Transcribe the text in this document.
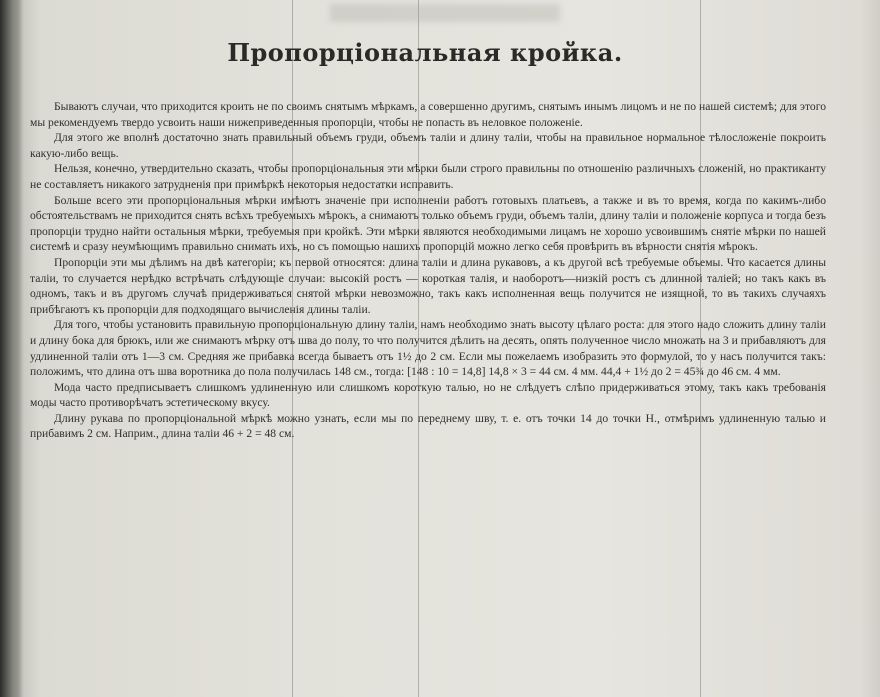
Пропорціональная кройка.

Бываютъ случаи, что приходится кроить не по своимъ снятымъ мѣркамъ, а совершенно другимъ, снятымъ инымъ лицомъ и не по нашей системѣ; для этого мы рекомендуемъ твердо усвоить наши нижеприведенныя пропорціи, чтобы не попасть въ неловкое положеніе.

Для этого же вполнѣ достаточно знать правильный объемъ груди, объемъ таліи и длину таліи, чтобы на правильное нормальное тѣлосложеніе покроить какую-либо вещь.

Нельзя, конечно, утвердительно сказать, чтобы пропорціональныя эти мѣрки были строго правильны по отношенію различныхъ сложеній, но практиканту не составляетъ никакого затрудненія при примѣркѣ некоторыя недостатки исправить.

Больше всего эти пропорціональныя мѣрки имѣютъ значеніе при исполненіи работъ готовыхъ платьевъ, а также и въ то время, когда по какимъ-либо обстоятельствамъ не приходится снять всѣхъ требуемыхъ мѣрокъ, а снимаютъ только объемъ груди, объемъ таліи, длину таліи и положеніе корпуса и тогда безъ пропорціи трудно найти остальныя мѣрки, требуемыя при кройкѣ. Эти мѣрки являются необходимыми лицамъ не хорошо усвоившимъ снятіе мѣрки по нашей системѣ и сразу неумѣющимъ правильно снимать ихъ, но съ помощью нашихъ пропорцій можно легко себя провѣрить въ вѣрности снятія мѣрокъ.

Пропорціи эти мы дѣлимъ на двѣ категоріи; къ первой относятся: длина таліи и длина рукавовъ, а къ другой всѣ требуемые объемы. Что касается длины таліи, то случается нерѣдко встрѣчать слѣдующіе случаи: высокій ростъ — короткая талія, и наоборотъ—низкій ростъ съ длинной таліей; но такъ какъ въ одномъ, такъ и въ другомъ случаѣ придерживаться снятой мѣрки невозможно, такъ какъ исполненная вещь получится не изящной, то въ такихъ случаяхъ прибѣгаютъ къ пропорціи для подходящаго вычисленія длины таліи.

Для того, чтобы установить правильную пропорціональную длину таліи, намъ необходимо знать высоту цѣлаго роста: для этого надо сложить длину таліи и длину бока для брюкъ, или же снимаютъ мѣрку отъ шва до полу, то что получится дѣлить на десять, опять полученное число множать на 3 и прибавляютъ для удлиненной таліи отъ 1—3 см. Средняя же прибавка всегда бываетъ отъ 1½ до 2 см. Если мы пожелаемъ изобразить это формулой, то у насъ получится такъ: положимъ, что длина отъ шва воротника до пола получилась 148 см., тогда: [148 : 10 = 14,8] 14,8 × 3 = 44 см. 4 мм. 44,4 + 1½ до 2 = 45¾ до 46 см. 4 мм.

Мода часто предписываетъ слишкомъ удлиненную или слишкомъ короткую талью, но не слѣдуетъ слѣпо придерживаться этому, такъ какъ требованія моды часто противорѣчатъ эстетическому вкусу.

Длину рукава по пропорціональной мѣркѣ можно узнать, если мы по переднему шву, т. е. отъ точки 14 до точки Н., отмѣримъ удлиненную талью и прибавимъ 2 см. Наприм., длина таліи 46 + 2 = 48 см.
